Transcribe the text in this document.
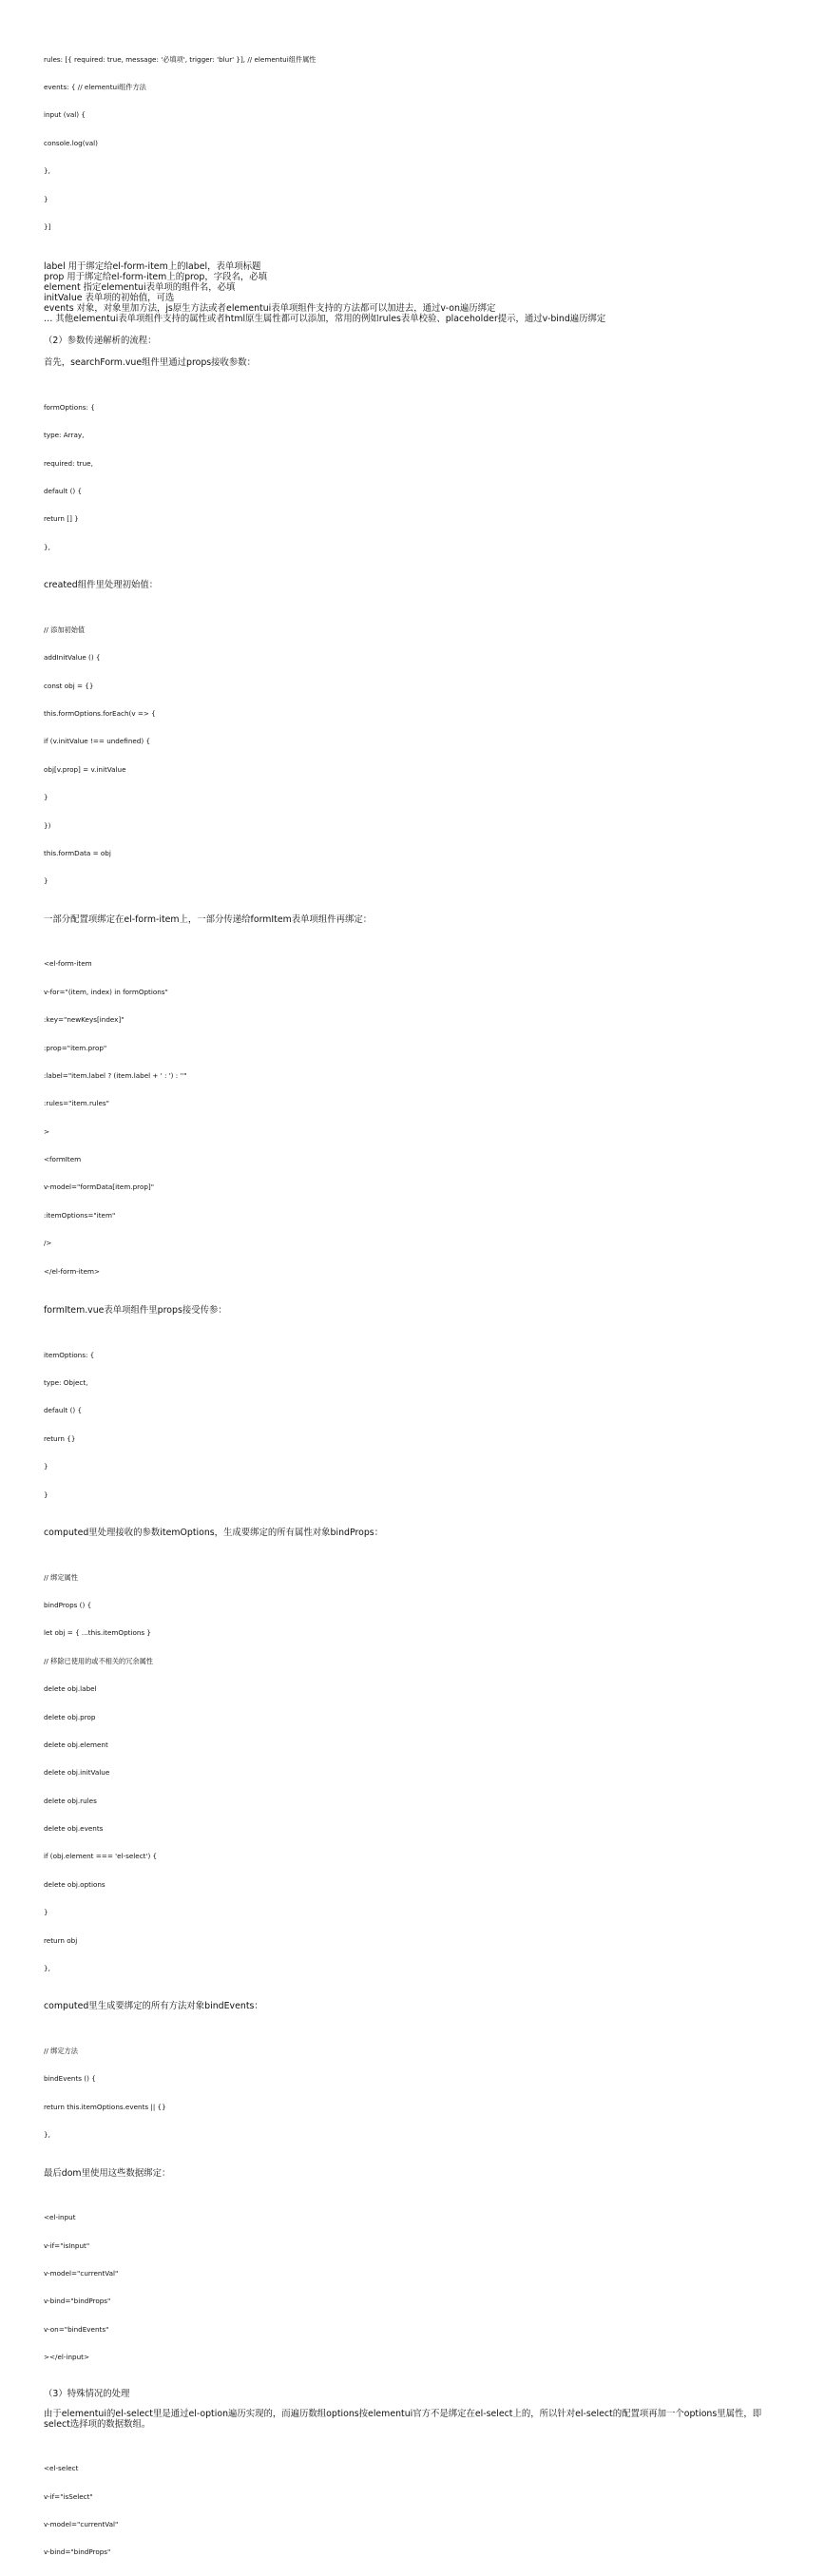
rules: [{ required: true, message: '必填项', trigger: 'blur' }], // elementui组件属性

events: { // elementui组件方法

input (val) {

console.log(val)

},

}

}]

label 用于绑定给el-form-item上的label，表单项标题
prop 用于绑定给el-form-item上的prop，字段名，必填
element 指定elementui表单项的组件名，必填
initValue 表单项的初始值，可选
events 对象，对象里加方法，js原生方法或者elementui表单项组件支持的方法都可以加进去，通过v-on遍历绑定
… 其他elementui表单项组件支持的属性或者html原生属性都可以添加，常用的例如rules表单校验、placeholder提示，通过v-bind遍历绑定

（2）参数传递解析的流程：

首先，searchForm.vue组件里通过props接收参数：

formOptions: {

type: Array,

required: true,

default () {

return [] }

},

created组件里处理初始值：

// 添加初始值

addInitValue () {

const obj = {}

this.formOptions.forEach(v => {

if (v.initValue !== undefined) {

obj[v.prop] = v.initValue

}

})

this.formData = obj

}

一部分配置项绑定在el-form-item上，一部分传递给formItem表单项组件再绑定：

<el-form-item

v-for="(item, index) in formOptions"

:key="newKeys[index]"

:prop="item.prop"

:label="item.label ? (item.label + ' : ') : ''"

:rules="item.rules"

>

<formItem

v-model="formData[item.prop]"

:itemOptions="item"

/>

</el-form-item>

formItem.vue表单项组件里props接受传参：

itemOptions: {

type: Object,

default () {

return {}

}

}

computed里处理接收的参数itemOptions，生成要绑定的所有属性对象bindProps：

// 绑定属性

bindProps () {

let obj = { ...this.itemOptions }

// 移除已使用的或不相关的冗余属性

delete obj.label

delete obj.prop

delete obj.element

delete obj.initValue

delete obj.rules

delete obj.events

if (obj.element === 'el-select') {

delete obj.options

}

return obj

},

computed里生成要绑定的所有方法对象bindEvents：

// 绑定方法

bindEvents () {

return this.itemOptions.events || {}

},

最后dom里使用这些数据绑定：

<el-input

v-if="isInput"

v-model="currentVal"

v-bind="bindProps"

v-on="bindEvents"

></el-input>

（3）特殊情况的处理

由于elementui的el-select里是通过el-option遍历实现的，而遍历数组options按elementui官方不是绑定在el-select上的，所以针对el-select的配置项再加一个options里属性，即select选择项的数据数组。

<el-select

v-if="isSelect"

v-model="currentVal"

v-bind="bindProps"
